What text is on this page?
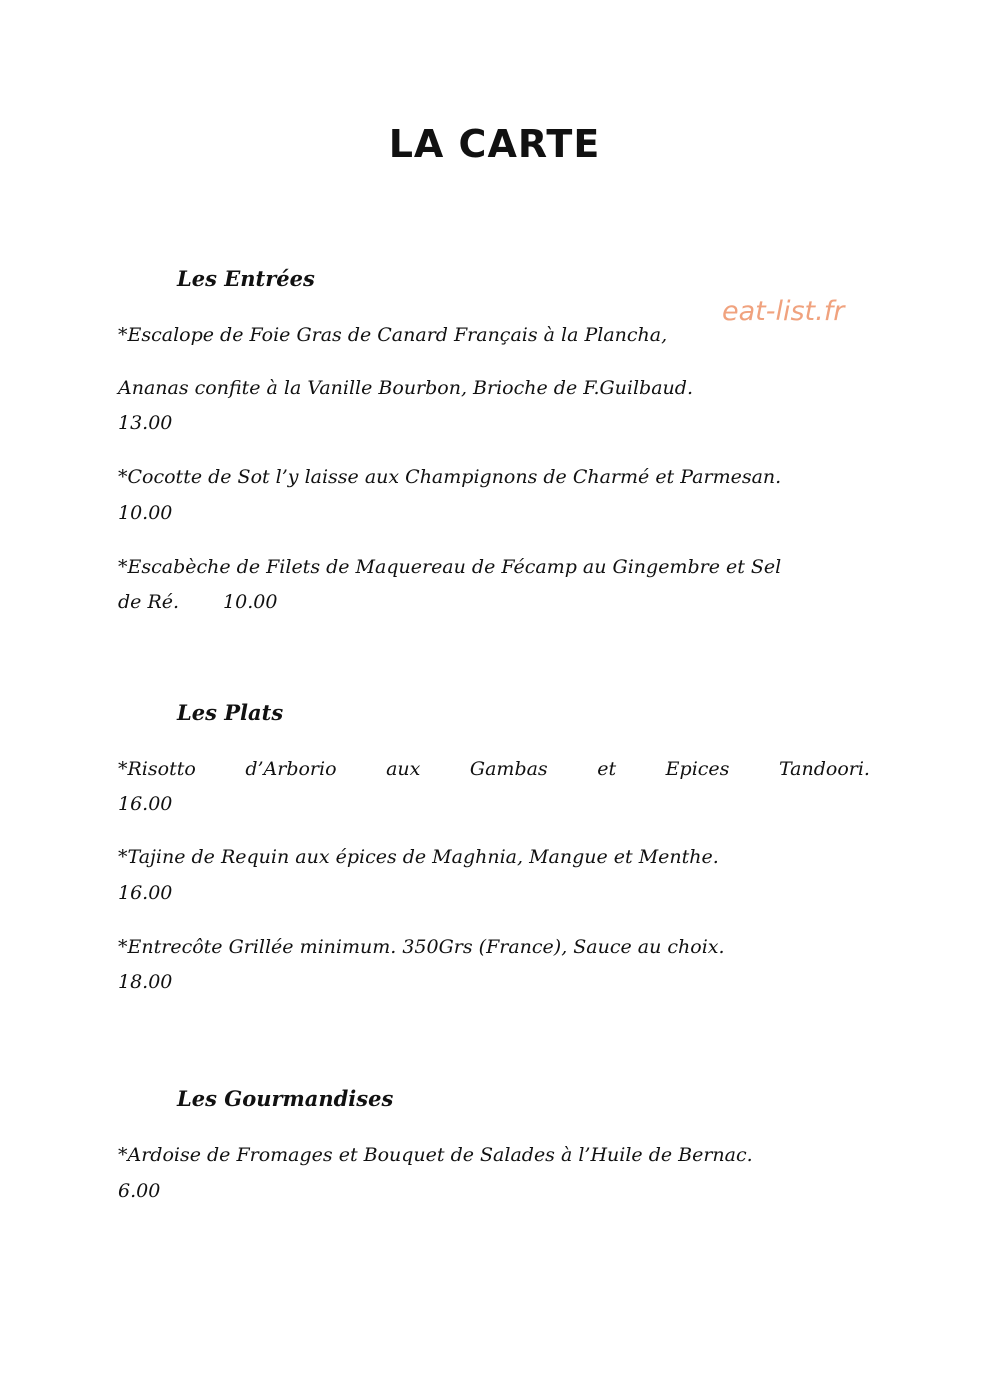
LA CARTE
eat-list.fr
Les Entrées
*Escalope de Foie Gras de Canard Français à la Plancha,
Ananas confite à la Vanille Bourbon, Brioche de F.Guilbaud.
13.00
*Cocotte de Sot l’y laisse aux Champignons de Charmé et Parmesan.
10.00
*Escabèche de Filets de Maquereau de Fécamp au Gingembre et Sel
de Ré. 10.00
Les Plats
*Risotto	d’Arborio	aux	Gambas	et	Epices	Tandoori.
16.00
*Tajine de Requin aux épices de Maghnia, Mangue et Menthe.
16.00
*Entrecôte Grillée minimum. 350Grs (France), Sauce au choix.
18.00
Les Gourmandises
*Ardoise de Fromages et Bouquet de Salades à l’Huile de Bernac.
6.00
